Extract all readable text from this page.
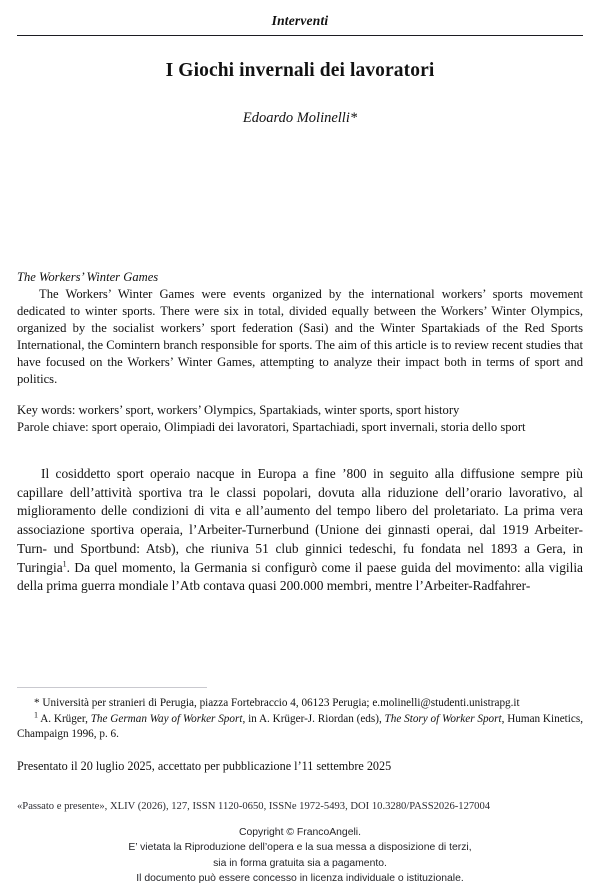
Interventi
I Giochi invernali dei lavoratori
Edoardo Molinelli*
The Workers’ Winter Games
The Workers’ Winter Games were events organized by the international workers’ sports movement dedicated to winter sports. There were six in total, divided equally between the Workers’ Winter Olympics, organized by the socialist workers’ sport federation (Sasi) and the Winter Spartakiads of the Red Sports International, the Comintern branch responsible for sports. The aim of this article is to review recent studies that have focused on the Workers’ Winter Games, attempting to analyze their impact both in terms of sport and politics.
Key words: workers’ sport, workers’ Olympics, Spartakiads, winter sports, sport history
Parole chiave: sport operaio, Olimpiadi dei lavoratori, Spartachiadi, sport invernali, storia dello sport

Il cosiddetto sport operaio nacque in Europa a fine ’800 in seguito alla diffusione sempre più capillare dell’attività sportiva tra le classi popolari, dovuta alla riduzione dell’orario lavorativo, al miglioramento delle condizioni di vita e all’aumento del tempo libero del proletariato. La prima vera associazione sportiva operaia, l’Arbeiter-Turnerbund (Unione dei ginnasti operai, dal 1919 Arbeiter-Turn- und Sportbund: Atsb), che riuniva 51 club ginnici tedeschi, fu fondata nel 1893 a Gera, in Turingia$^1$. Da quel momento, la Germania si configurò come il paese guida del movimento: alla vigilia della prima guerra mondiale l’Atb contava quasi 200.000 membri, mentre l’Arbeiter-Radfahrer-

* Università per stranieri di Perugia, piazza Fortebraccio 4, 06123 Perugia; e.molinelli@studenti.unistrapg.it
$^1$ A. Krüger, The German Way of Worker Sport, in A. Krüger-J. Riordan (eds), The Story of Worker Sport, Human Kinetics, Champaign 1996, p. 6.
Presentato il 20 luglio 2025, accettato per pubblicazione l’11 settembre 2025
«Passato e presente», XLIV (2026), 127, ISSN 1120-0650, ISSNe 1972-5493, DOI 10.3280/PASS2026-127004
Copyright © FrancoAngeli.
E’ vietata la Riproduzione dell’opera e la sua messa a disposizione di terzi,
sia in forma gratuita sia a pagamento.
Il documento può essere concesso in licenza individuale o istituzionale.
